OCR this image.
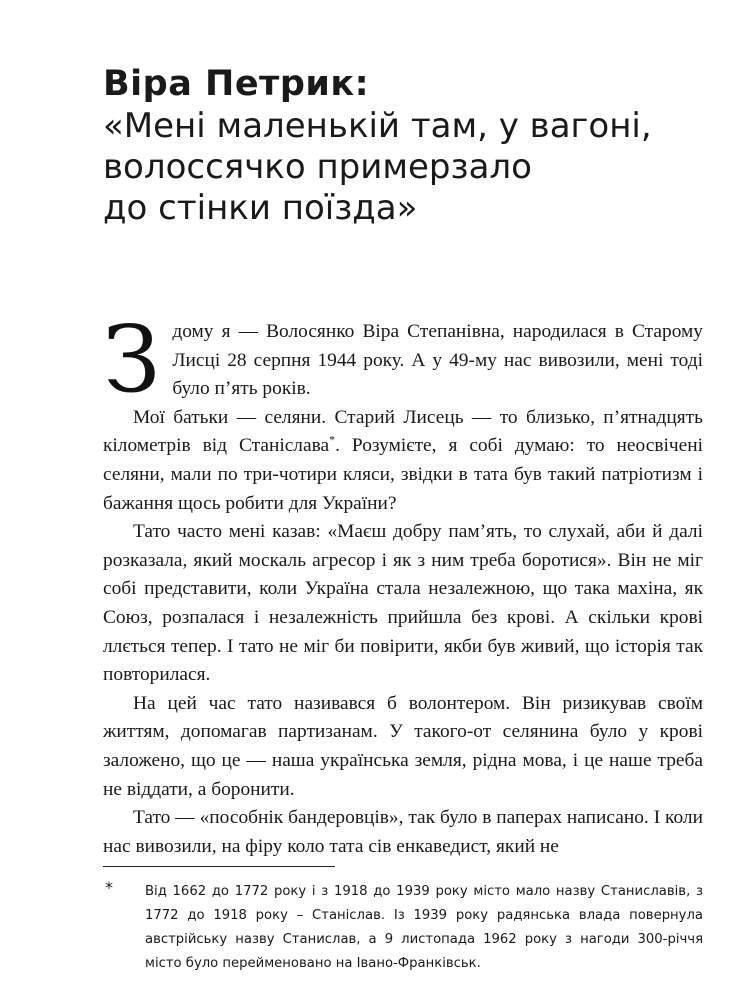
Віра Петрик:
«Мені маленькій там, у вагоні,
волоссячко примерзало
до стінки поїзда»

Здому я — Волосянко Віра Степанівна, народилася в Старому Лисці 28 серпня 1944 року. А у 49-му нас вивозили, мені тоді було п’ять років.

Мої батьки — селяни. Старий Лисець — то близько, п’ятнадцять кілометрів від Станіслава*. Розумієте, я собі думаю: то неосвічені селяни, мали по три-чотири кляси, звідки в тата був такий патріотизм і бажання щось робити для України?

Тато часто мені казав: «Маєш добру пам’ять, то слухай, аби й далі розказала, який москаль агресор і як з ним треба боротися». Він не міг собі представити, коли Україна стала незалежною, що така махіна, як Союз, розпалася і незалежність прийшла без крові. А скільки крові ллється тепер. І тато не міг би повірити, якби був живий, що історія так повторилася.

На цей час тато називався б волонтером. Він ризикував своїм життям, допомагав партизанам. У такого-от селянина було у крові заложено, що це — наша українська земля, рідна мова, і це наше треба не віддати, а боронити.

Тато — «пособнік бандеровців», так було в паперах написано. І коли нас вивозили, на фіру коло тата сів енкаведист, який не

*	Від 1662 до 1772 року і з 1918 до 1939 року місто мало назву Станиславів, з 1772 до 1918 року – Станіслав. Із 1939 року радянська влада повернула австрійську назву Станислав, а 9 листопада 1962 року з нагоди 300-річчя місто було перейменовано на Івано-Франківськ.
